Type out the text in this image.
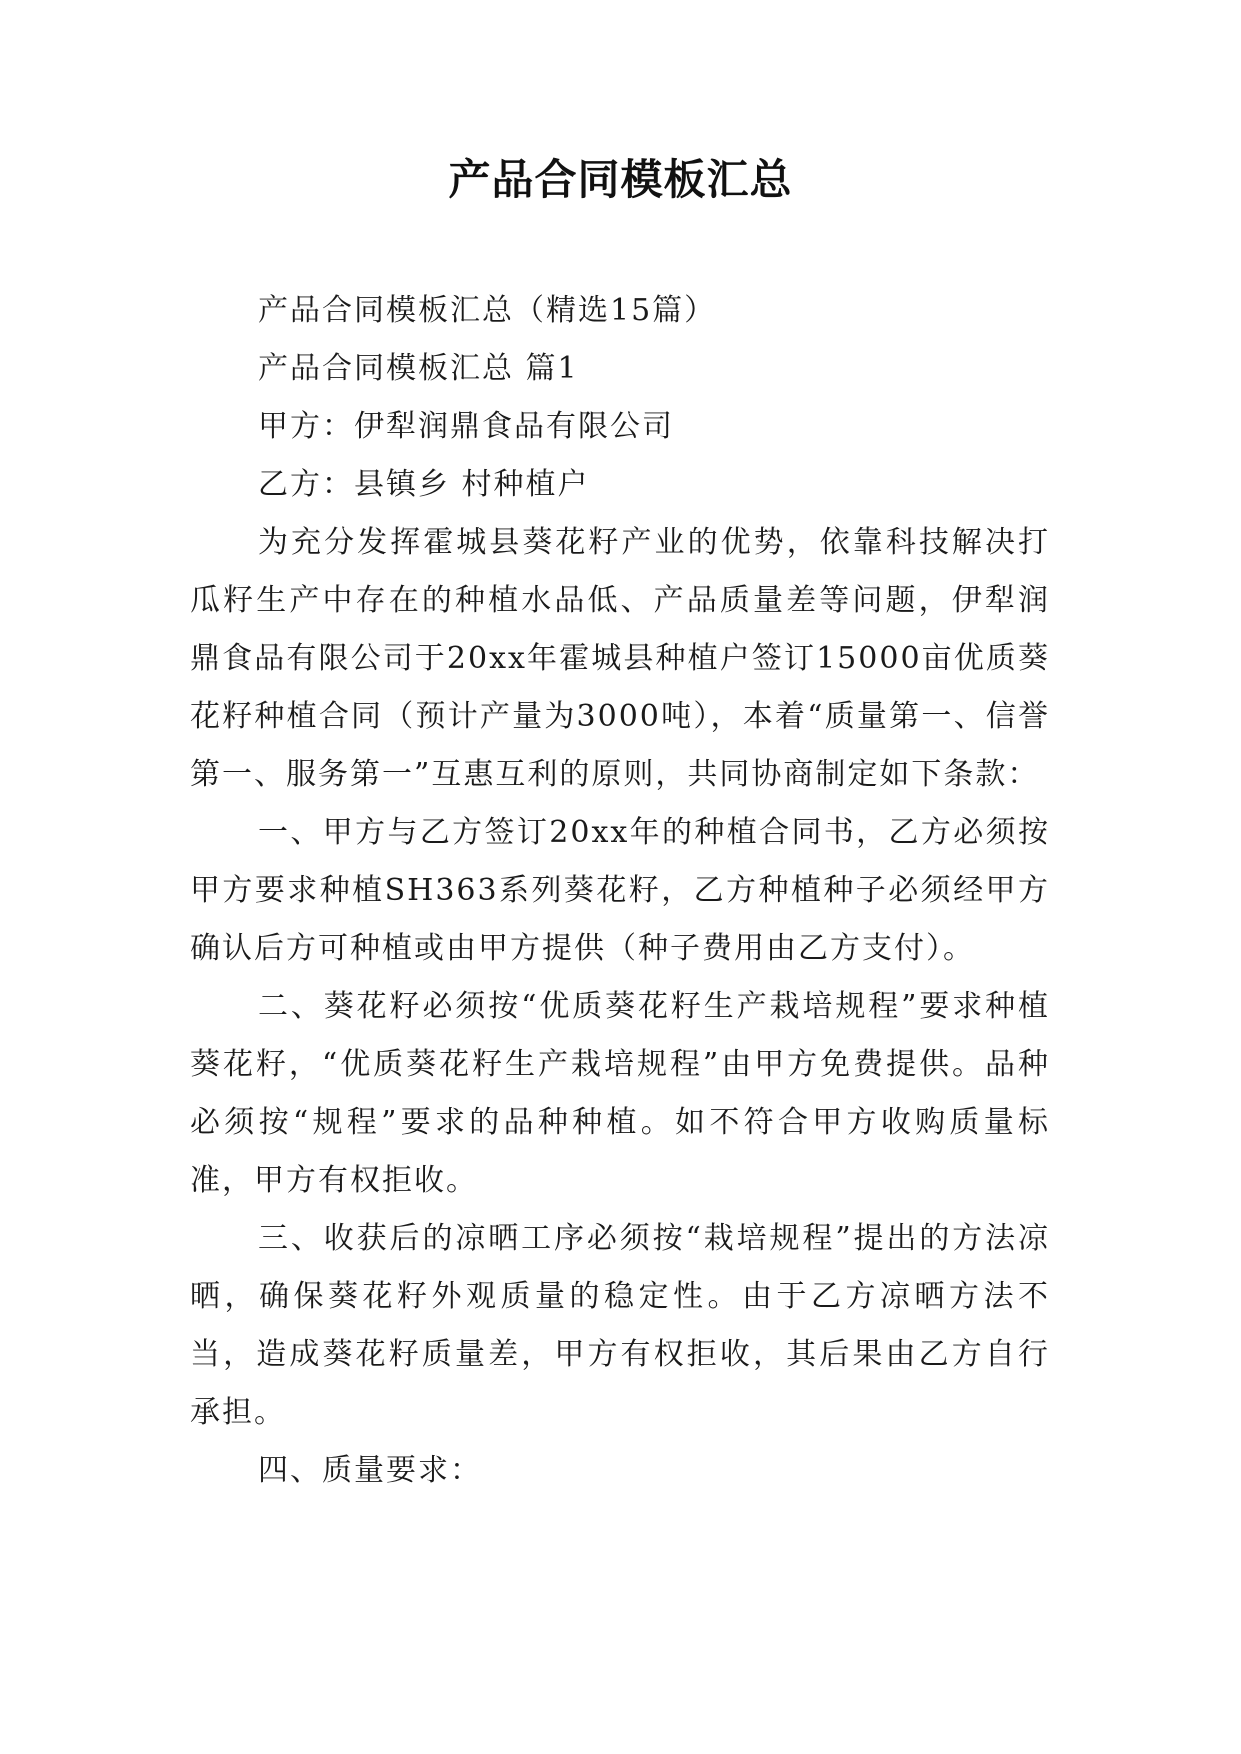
产品合同模板汇总

产品合同模板汇总（精选15篇）

产品合同模板汇总 篇1

甲方：伊犁润鼎食品有限公司

乙方：县镇乡 村种植户

为充分发挥霍城县葵花籽产业的优势，依靠科技解决打瓜籽生产中存在的种植水品低、产品质量差等问题，伊犁润鼎食品有限公司于20xx年霍城县种植户签订15000亩优质葵花籽种植合同（预计产量为3000吨），本着“质量第一、信誉第一、服务第一”互惠互利的原则，共同协商制定如下条款：

一、甲方与乙方签订20xx年的种植合同书，乙方必须按甲方要求种植SH363系列葵花籽，乙方种植种子必须经甲方确认后方可种植或由甲方提供（种子费用由乙方支付）。

二、葵花籽必须按“优质葵花籽生产栽培规程”要求种植葵花籽，“优质葵花籽生产栽培规程”由甲方免费提供。品种必须按“规程”要求的品种种植。如不符合甲方收购质量标准，甲方有权拒收。

三、收获后的凉晒工序必须按“栽培规程”提出的方法凉晒，确保葵花籽外观质量的稳定性。由于乙方凉晒方法不当，造成葵花籽质量差，甲方有权拒收，其后果由乙方自行承担。

四、质量要求：
